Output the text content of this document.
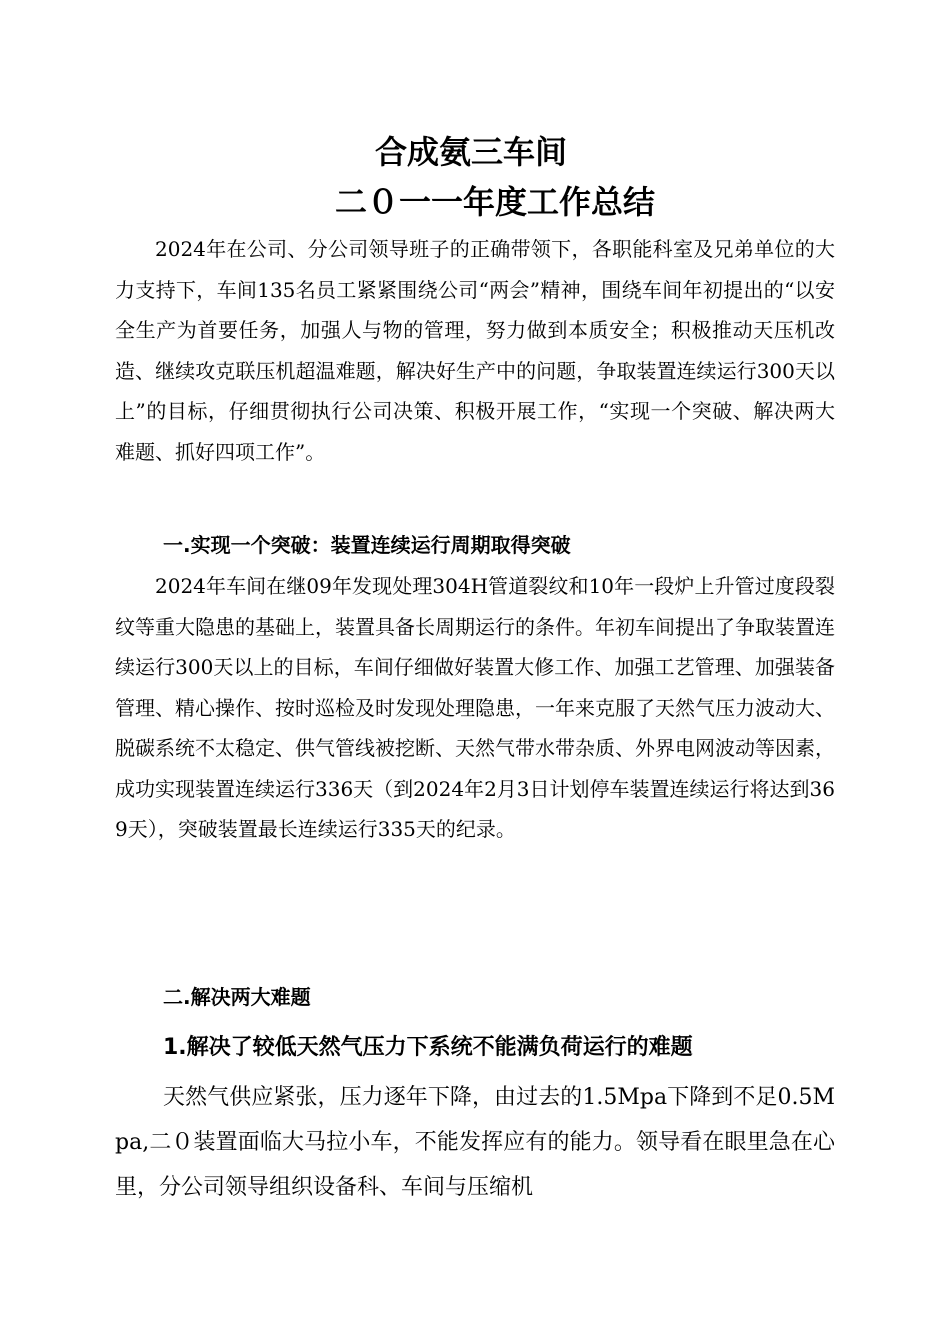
合成氨三车间
二０一一年度工作总结

2024年在公司、分公司领导班子的正确带领下，各职能科室及兄弟单位的大力支持下，车间135名员工紧紧围绕公司“两会”精神，围绕车间年初提出的“以安全生产为首要任务，加强人与物的管理，努力做到本质安全；积极推动天压机改造、继续攻克联压机超温难题，解决好生产中的问题，争取装置连续运行300天以上”的目标，仔细贯彻执行公司决策、积极开展工作，“实现一个突破、解决两大难题、抓好四项工作”。

一.实现一个突破：装置连续运行周期取得突破

2024年车间在继09年发现处理304H管道裂纹和10年一段炉上升管过度段裂纹等重大隐患的基础上，装置具备长周期运行的条件。年初车间提出了争取装置连续运行300天以上的目标，车间仔细做好装置大修工作、加强工艺管理、加强装备管理、精心操作、按时巡检及时发现处理隐患，一年来克服了天然气压力波动大、脱碳系统不太稳定、供气管线被挖断、天然气带水带杂质、外界电网波动等因素，成功实现装置连续运行336天（到2024年2月3日计划停车装置连续运行将达到369天），突破装置最长连续运行335天的纪录。

二.解决两大难题

1.解决了较低天然气压力下系统不能满负荷运行的难题

天然气供应紧张，压力逐年下降，由过去的1.5Mpa下降到不足0.5Mpa,二０装置面临大马拉小车，不能发挥应有的能力。领导看在眼里急在心里，分公司领导组织设备科、车间与压缩机
